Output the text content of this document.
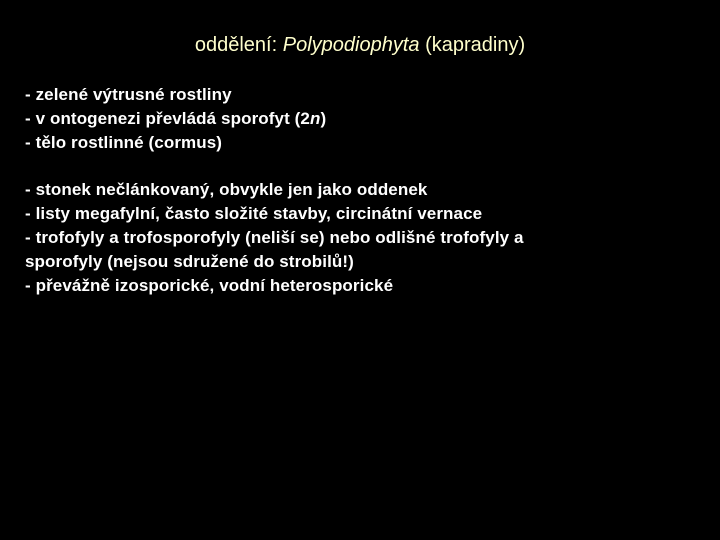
oddělení: Polypodiophyta (kapradiny)
- zelené výtrusné rostliny
- v ontogenezi převládá sporofyt (2n)
- tělo rostlinné (cormus)
- stonek nečlánkovaný, obvykle jen jako oddenek
- listy megafylní, často složité stavby, circinátní vernace
- trofofyly a trofosporofyly (neliší se) nebo odlišné trofofyly a
sporofyly (nejsou sdružené do strobilů!)
- převážně izosporické, vodní heterosporické
